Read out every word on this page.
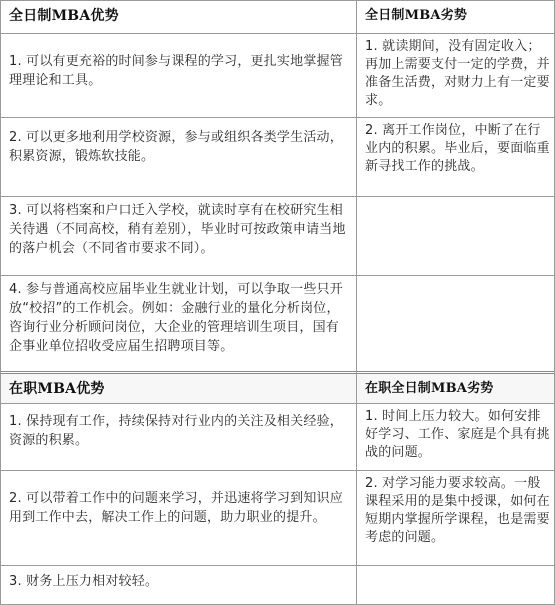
全日制MBA优势
1. 可以有更充裕的时间参与课程的学习，更扎实地掌握管理理论和工具。
2. 可以更多地利用学校资源，参与或组织各类学生活动，积累资源，锻炼软技能。
3. 可以将档案和户口迁入学校，就读时享有在校研究生相关待遇（不同高校，稍有差别），毕业时可按政策申请当地的落户机会（不同省市要求不同）。
4. 参与普通高校应届毕业生就业计划，可以争取一些只开放“校招”的工作机会。例如：金融行业的量化分析岗位，咨询行业分析顾问岗位，大企业的管理培训生项目，国有企事业单位招收受应届生招聘项目等。
在职MBA优势
1. 保持现有工作，持续保持对行业内的关注及相关经验，资源的积累。
2. 可以带着工作中的问题来学习，并迅速将学习到知识应用到工作中去，解决工作上的问题，助力职业的提升。
3. 财务上压力相对较轻。
全日制MBA劣势
1. 就读期间，没有固定收入；再加上需要支付一定的学费，并准备生活费，对财力上有一定要求。
2. 离开工作岗位，中断了在行业内的积累。毕业后，要面临重新寻找工作的挑战。
在职全日制MBA劣势
1. 时间上压力较大。如何安排好学习、工作、家庭是个具有挑战的问题。
2. 对学习能力要求较高。一般课程采用的是集中授课，如何在短期内掌握所学课程，也是需要考虑的问题。
